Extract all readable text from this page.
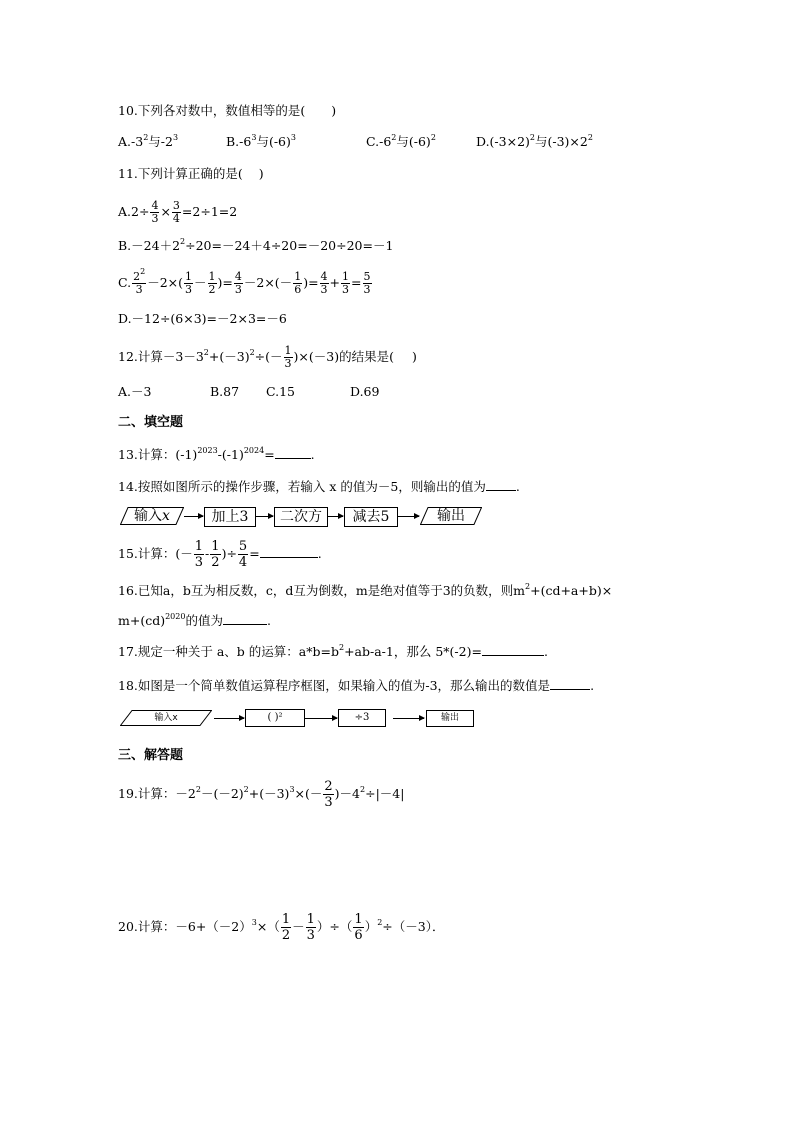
10.下列各对数中，数值相等的是( )
$A.-3^2$与$-2^3$	$B.-6^3$与$(-6)^3$	$C.-6^2$与$(-6)^2$	$D.(-3\times 2)^2$与$(-3)\times 2^2$
11.下列计算正确的是( )
$A.2\div \frac{4}{3} \times \frac{3}{4} =2\div 1=2$
$B.-24+2^2\div 20=-24+4\div 20=-20\div 20=-1$
C. $\frac{2^2}{3} -2\times( \frac{1}{3} - \frac{1}{2}$ )= $\frac{4}{3} -2\times(- \frac{1}{6}$ )= $\frac{4}{3} + \frac{1}{3} = \frac{5}{3}$
D.－12÷(6×3)=－2×3=－6
12.计算$-3-3^2+(-3)^2\div(- \frac{1}{3} )\times(-3)$的结果是( )
A.－3	B.87 C.15	D.69
二、填空题
13.计算：$(-1)^{2023}-(-1)^{2024}=$	.
14.按照如图所示的操作步骤，若输入 x 的值为－5，则输出的值为 .
输入x	加上3	二次方	减去5	输出
15.计算：(－ $\frac{1}{3} - \frac{1}{2}$ )÷ $\frac{5}{4}$ =	.
16.已知a，b互为相反数，c，d互为倒数，m是绝对值等于3的负数，则$m^2+(cd+a+b)\times$
m+(cd)$^{2020}$的值为	.
17.规定一种关于 a、b 的运算：$a*b=b^2+ab-a-1$，那么 5*(-2)=	.
18.如图是一个简单数值运算程序框图，如果输入的值为-3，那么输出的数值是	.
输入x	( )²	÷3	输出
三、解答题
19.计算：$-2^2-(-2)^2+(-3)^3\times(- \frac{2}{3} )-4^2\div|-4|$
20.计算：$-6+(-2)^3\times( \frac{1}{2} - \frac{1}{3}$ ）÷（ $\frac{1}{6} )^2\div(-3)$．
